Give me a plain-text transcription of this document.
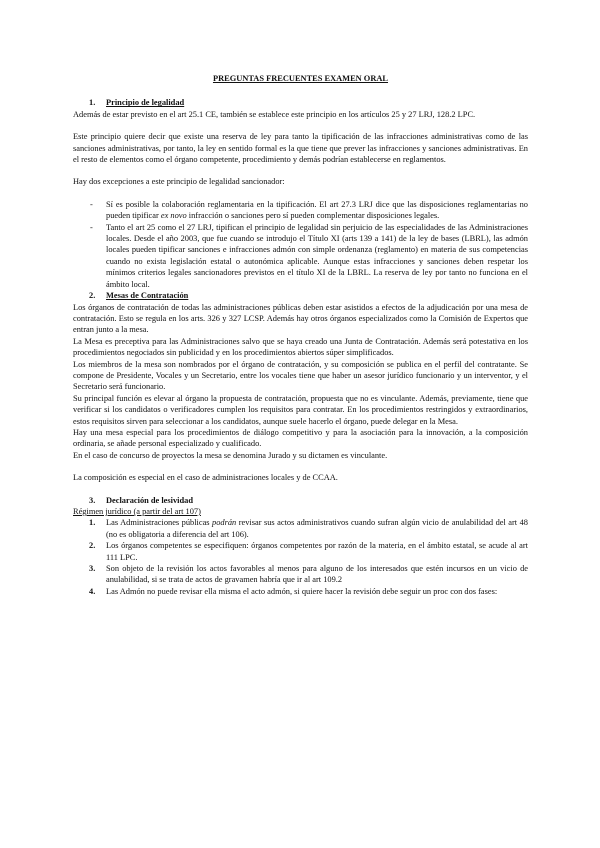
PREGUNTAS FRECUENTES EXAMEN ORAL
1. Principio de legalidad

Además de estar previsto en el art 25.1 CE, también se establece este principio en los artículos 25 y 27 LRJ, 128.2 LPC.

Este principio quiere decir que existe una reserva de ley para tanto la tipificación de las infracciones administrativas como de las sanciones administrativas, por tanto, la ley en sentido formal es la que tiene que prever las infracciones y sanciones administrativas. En el resto de elementos como el órgano competente, procedimiento y demás podrían establecerse en reglamentos.

Hay dos excepciones a este principio de legalidad sancionador:

- Sí es posible la colaboración reglamentaria en la tipificación. El art 27.3 LRJ dice que las disposiciones reglamentarias no pueden tipificar ex novo infracción o sanciones pero sí pueden complementar disposiciones legales.
- Tanto el art 25 como el 27 LRJ, tipifican el principio de legalidad sin perjuicio de las especialidades de las Administraciones locales. Desde el año 2003, que fue cuando se introdujo el Título XI (arts 139 a 141) de la ley de bases (LBRL), las admón locales pueden tipificar sanciones e infracciones admón con simple ordenanza (reglamento) en materia de sus competencias cuando no exista legislación estatal o autonómica aplicable. Aunque estas infracciones y sanciones deben respetar los mínimos criterios legales sancionadores previstos en el título XI de la LBRL. La reserva de ley por tanto no funciona en el ámbito local.
2. Mesas de Contratación

Los órganos de contratación de todas las administraciones públicas deben estar asistidos a efectos de la adjudicación por una mesa de contratación. Esto se regula en los arts. 326 y 327 LCSP. Además hay otros órganos especializados como la Comisión de Expertos que entran junto a la mesa.

La Mesa es preceptiva para las Administraciones salvo que se haya creado una Junta de Contratación. Además será potestativa en los procedimientos negociados sin publicidad y en los procedimientos abiertos súper simplificados.

Los miembros de la mesa son nombrados por el órgano de contratación, y su composición se publica en el perfil del contratante. Se compone de Presidente, Vocales y un Secretario, entre los vocales tiene que haber un asesor jurídico funcionario y un interventor, y el Secretario será funcionario.

Su principal función es elevar al órgano la propuesta de contratación, propuesta que no es vinculante. Además, previamente, tiene que verificar si los candidatos o verificadores cumplen los requisitos para contratar. En los procedimientos restringidos y extraordinarios, estos requisitos sirven para seleccionar a los candidatos, aunque suele hacerlo el órgano, puede delegar en la Mesa.

Hay una mesa especial para los procedimientos de diálogo competitivo y para la asociación para la innovación, a la composición ordinaria, se añade personal especializado y cualificado.

En el caso de concurso de proyectos la mesa se denomina Jurado y su dictamen es vinculante.

La composición es especial en el caso de administraciones locales y de CCAA.

3. Declaración de lesividad

Régimen jurídico (a partir del art 107)

1. Las Administraciones públicas podrán revisar sus actos administrativos cuando sufran algún vicio de anulabilidad del art 48 (no es obligatoria a diferencia del art 106).
2. Los órganos competentes se especifiquen: órganos competentes por razón de la materia, en el ámbito estatal, se acude al art 111 LPC.
3. Son objeto de la revisión los actos favorables al menos para alguno de los interesados que estén incursos en un vicio de anulabilidad, si se trata de actos de gravamen habría que ir al art 109.2
4. Las Admón no puede revisar ella misma el acto admón, si quiere hacer la revisión debe seguir un proc con dos fases:
